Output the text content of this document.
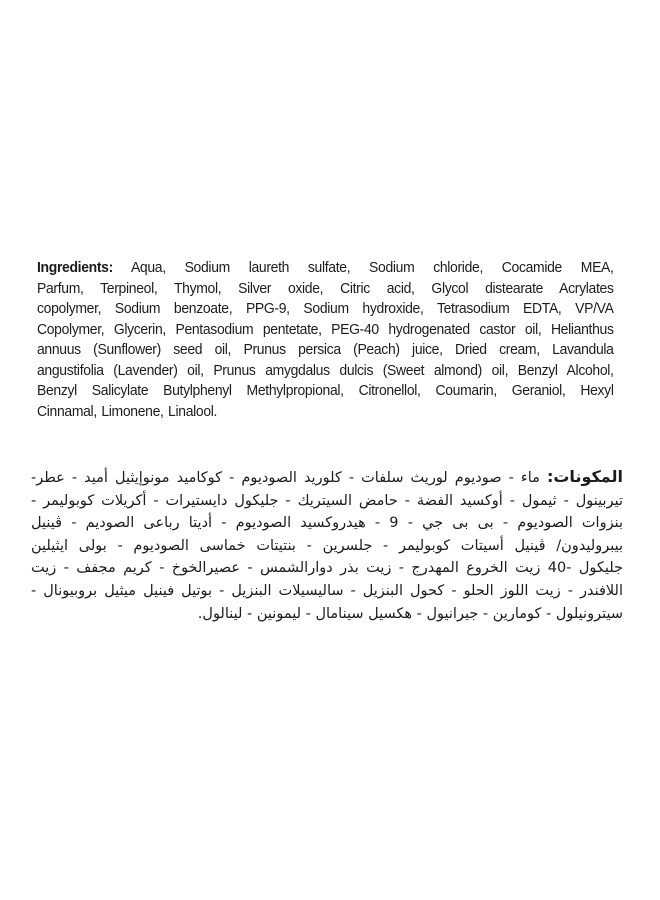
Ingredients: Aqua, Sodium laureth sulfate, Sodium chloride, Cocamide MEA,
Parfum, Terpineol, Thymol, Silver oxide, Citric acid, Glycol distearate Acrylates
copolymer, Sodium benzoate, PPG-9, Sodium hydroxide, Tetrasodium EDTA, VP/VA
Copolymer, Glycerin, Pentasodium pentetate, PEG-40 hydrogenated castor oil, Helianthus
annuus (Sunflower) seed oil, Prunus persica (Peach) juice, Dried cream, Lavandula
angustifolia (Lavender) oil, Prunus amygdalus dulcis (Sweet almond) oil, Benzyl Alcohol,
Benzyl Salicylate Butylphenyl Methylpropional, Citronellol, Coumarin, Geraniol, Hexyl
Cinnamal, Limonene, Linalool.
المكونات: ماء - صوديوم لوريث سلفات - كلوريد الصوديوم - كوكاميد مونوإيثيل أميد - عطر-
تيربينول - ثيمول - أوكسيد الفضة - حامض السيتريك - جليكول دايستيرات - أكريلات كوبوليمر -
بنزوات الصوديوم - بى بى جي - 9 - هيدروكسيد الصوديوم - أديتا رباعى الصوديم - ڤينيل
بيبروليدون/ ڤينيل أسيتات كوبوليمر - جلسرين - بنتيتات خماسى الصوديوم - بولى ايثيلين
جليكول -40 زيت الخروع المهدرج - زيت بذر دوارالشمس - عصيرالخوخ - كريم مجفف - زيت
اللافندر - زيت اللوز الحلو - كحول البنزيل - ساليسيلات البنزيل - بوتيل فينيل ميثيل بروبيونال -
سيترونيلول - كومارين - جيرانيول - هكسيل سينامال - ليمونين - لينالول.
